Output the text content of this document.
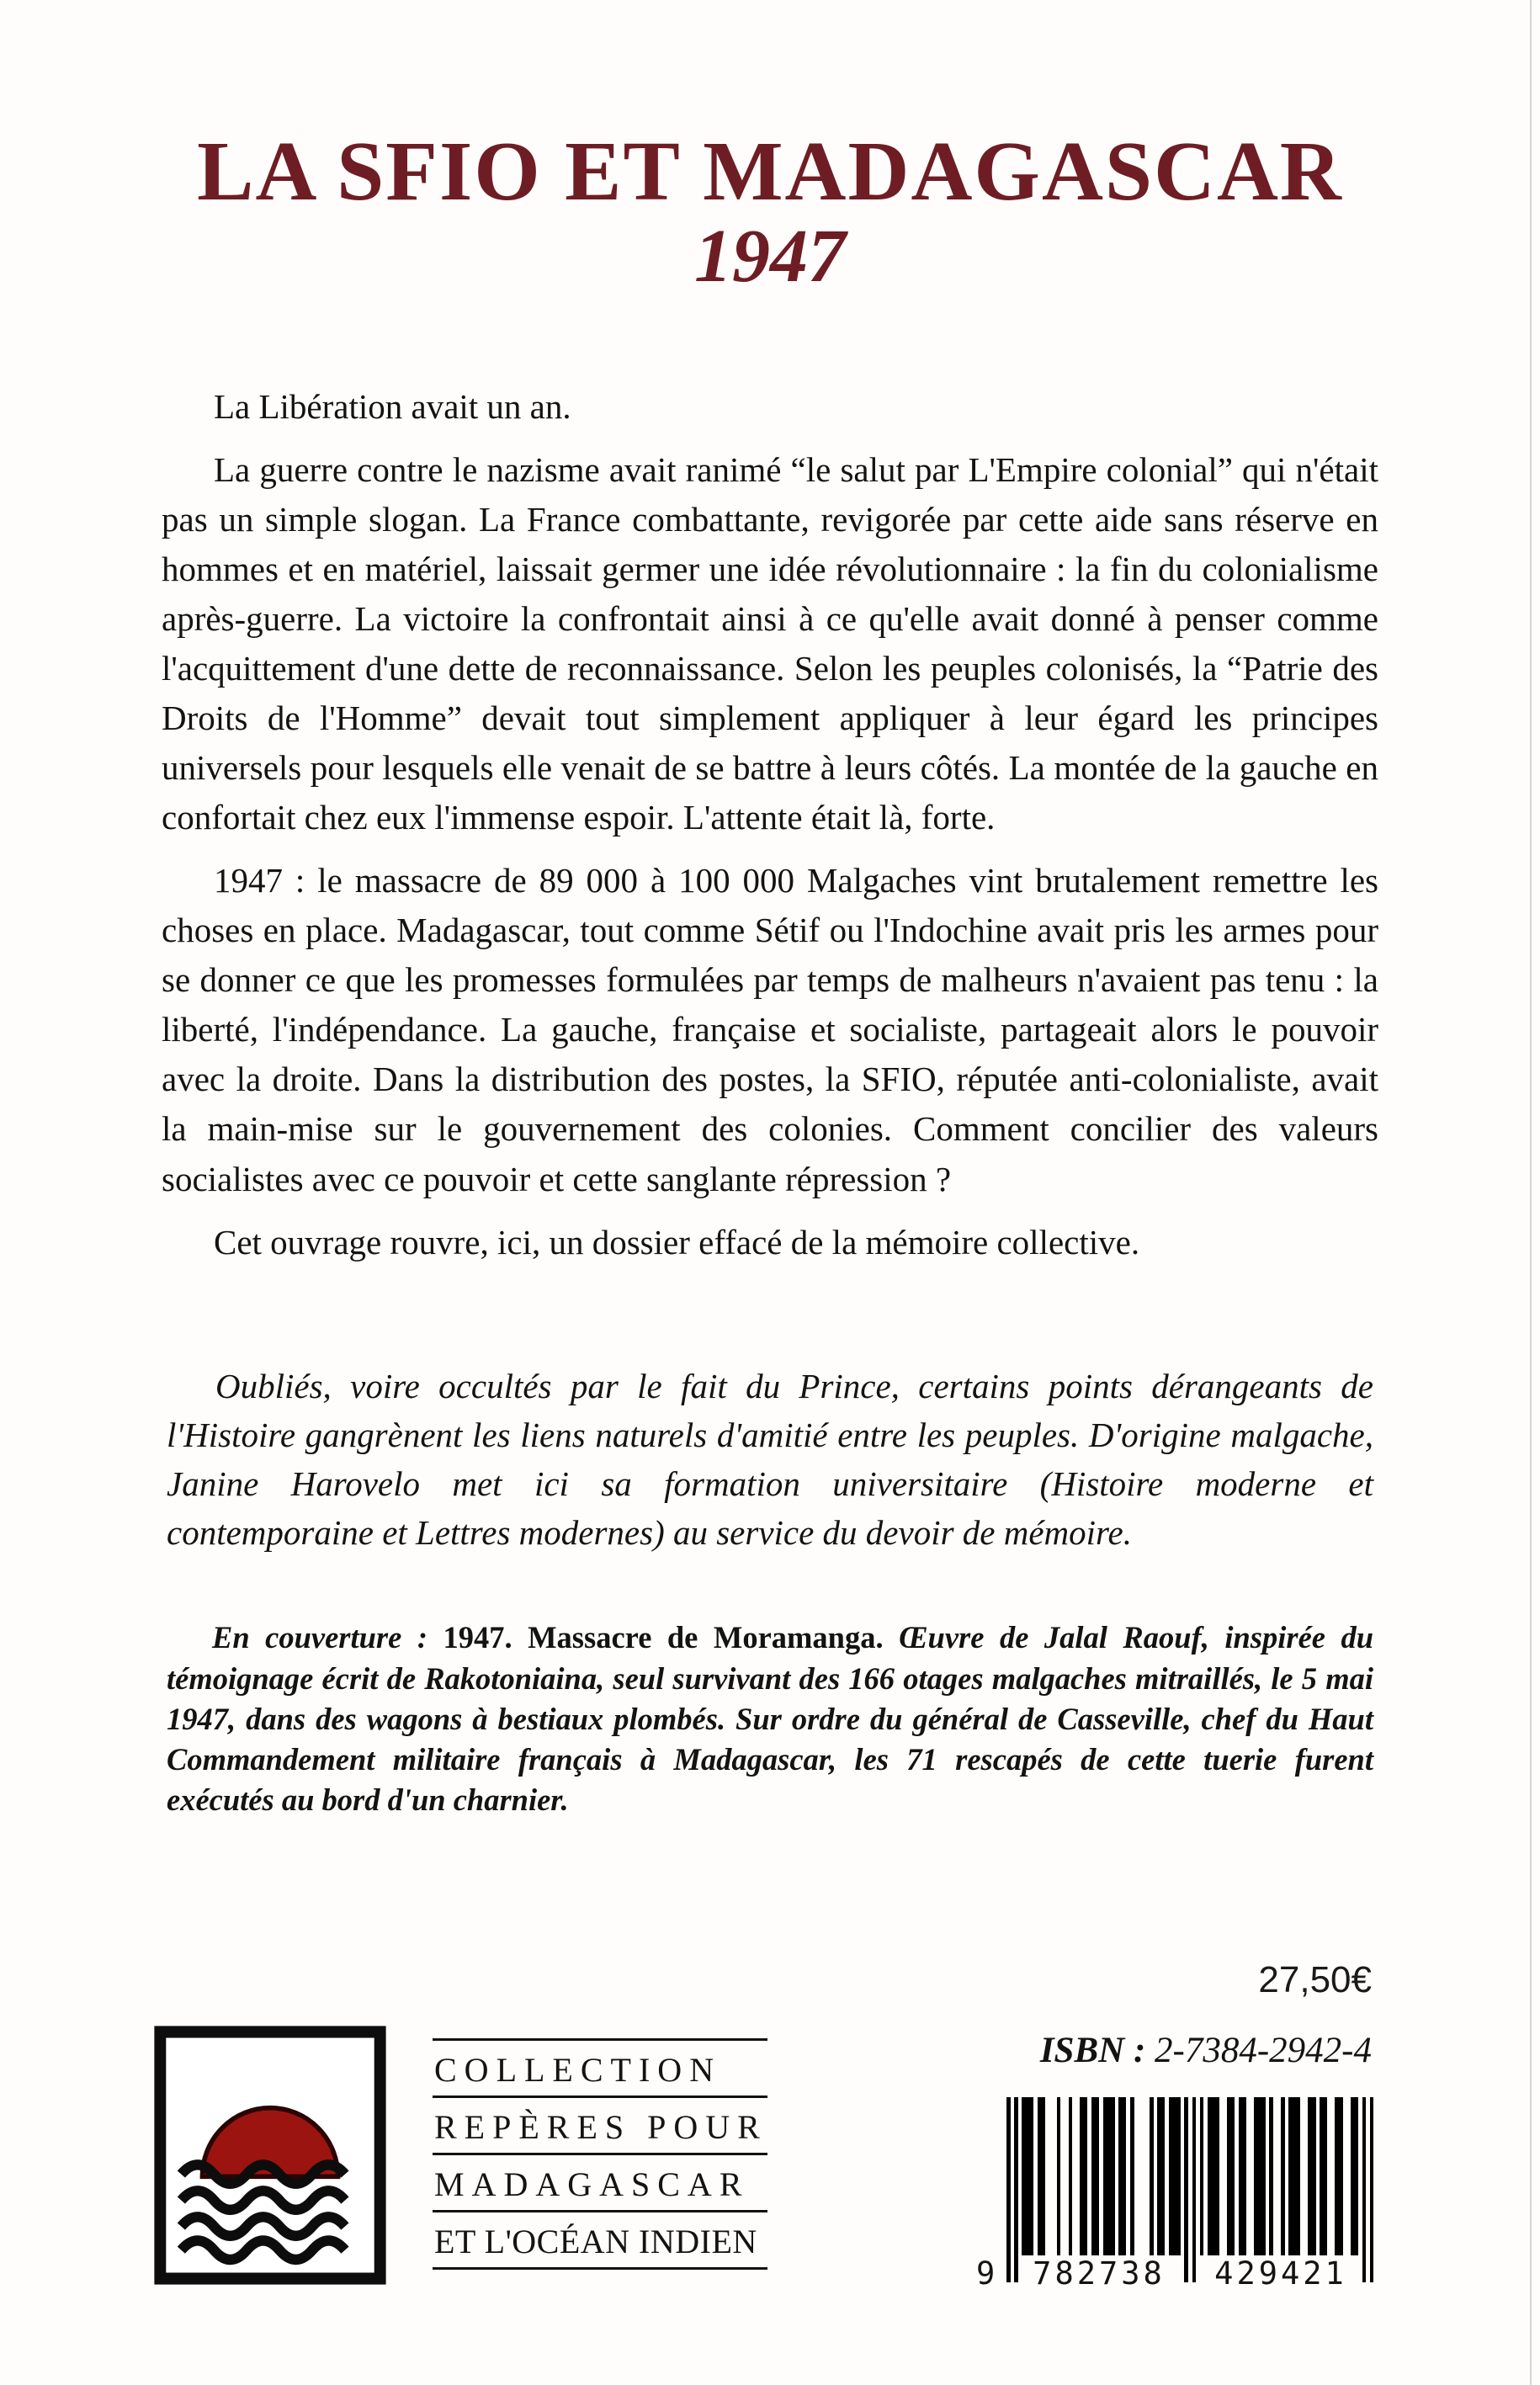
LA SFIO ET MADAGASCAR
1947

La Libération avait un an.

La guerre contre le nazisme avait ranimé “le salut par L'Empire colonial” qui n'était pas un simple slogan. La France combattante, revigorée par cette aide sans réserve en hommes et en matériel, laissait germer une idée révolutionnaire : la fin du colonialisme après-guerre. La victoire la confrontait ainsi à ce qu'elle avait donné à penser comme l'acquittement d'une dette de reconnaissance. Selon les peuples colonisés, la “Patrie des Droits de l'Homme” devait tout simplement appliquer à leur égard les principes universels pour lesquels elle venait de se battre à leurs côtés. La montée de la gauche en confortait chez eux l'immense espoir. L'attente était là, forte.

1947 : le massacre de 89 000 à 100 000 Malgaches vint brutalement remettre les choses en place. Madagascar, tout comme Sétif ou l'Indochine avait pris les armes pour se donner ce que les promesses formulées par temps de malheurs n'avaient pas tenu : la liberté, l'indépendance. La gauche, française et socialiste, partageait alors le pouvoir avec la droite. Dans la distribution des postes, la SFIO, réputée anti-colonialiste, avait la main-mise sur le gouvernement des colonies. Comment concilier des valeurs socialistes avec ce pouvoir et cette sanglante répression ?

Cet ouvrage rouvre, ici, un dossier effacé de la mémoire collective.

Oubliés, voire occultés par le fait du Prince, certains points dérangeants de l'Histoire gangrènent les liens naturels d'amitié entre les peuples. D'origine malgache, Janine Harovelo met ici sa formation universitaire (Histoire moderne et contemporaine et Lettres modernes) au service du devoir de mémoire.

En couverture : 1947. Massacre de Moramanga. Œuvre de Jalal Raouf, inspirée du témoignage écrit de Rakotoniaina, seul survivant des 166 otages malgaches mitraillés, le 5 mai 1947, dans des wagons à bestiaux plombés. Sur ordre du général de Casseville, chef du Haut Commandement militaire français à Madagascar, les 71 rescapés de cette tuerie furent exécutés au bord d'un charnier.

COLLECTION
REPÈRES POUR
MADAGASCAR
ET L'OCÉAN INDIEN
27,50€
ISBN : 2-7384-2942-4
9	782738	429421
